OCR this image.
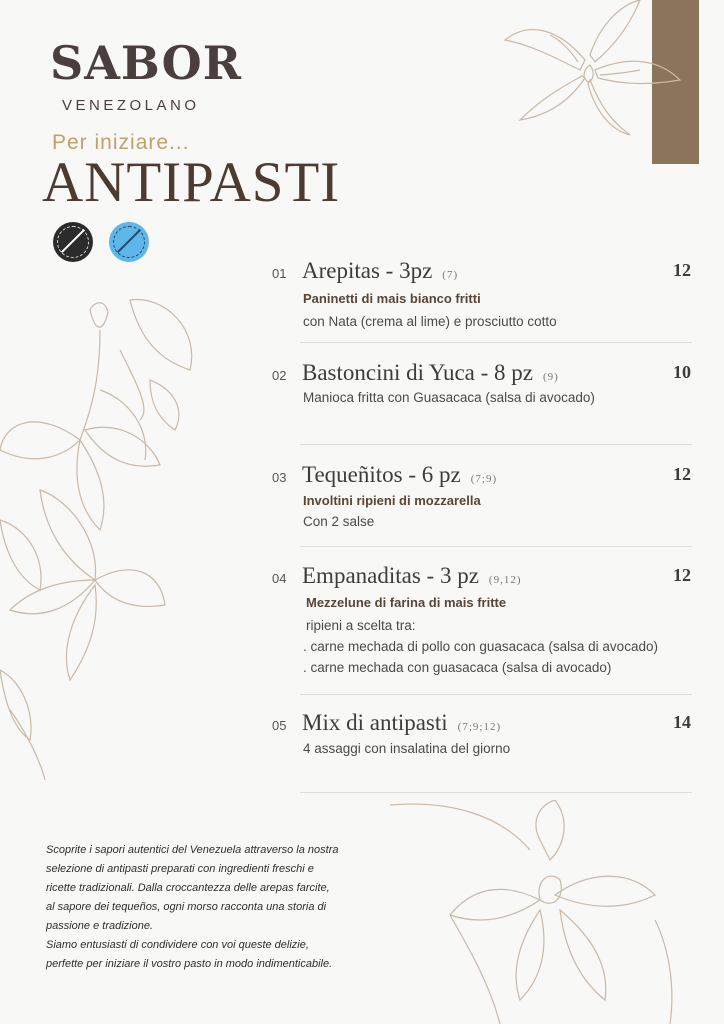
SABOR
VENEZOLANO
Per iniziare...
ANTIPASTI
01 Arepitas - 3pz (7)	12
Paninetti di mais bianco fritti
con Nata (crema al lime) e prosciutto cotto
02 Bastoncini di Yuca - 8 pz (9)	10
Manioca fritta con Guasacaca (salsa di avocado)
03 Tequeñitos - 6 pz (7;9)	12
Involtini ripieni di mozzarella
Con 2 salse
04 Empanaditas - 3 pz (9,12)	12
Mezzelune di farina di mais fritte
ripieni a scelta tra:
. carne mechada di pollo con guasacaca (salsa di avocado)
. carne mechada con guasacaca (salsa di avocado)
05 Mix di antipasti (7;9;12)	14
4 assaggi con insalatina del giorno

Scoprite i sapori autentici del Venezuela attraverso la nostra

selezione di antipasti preparati con ingredienti freschi e

ricette tradizionali. Dalla croccantezza delle arepas farcite,

al sapore dei tequeños, ogni morso racconta una storia di

passione e tradizione.

Siamo entusiasti di condividere con voi queste delizie,

perfette per iniziare il vostro pasto in modo indimenticabile.
